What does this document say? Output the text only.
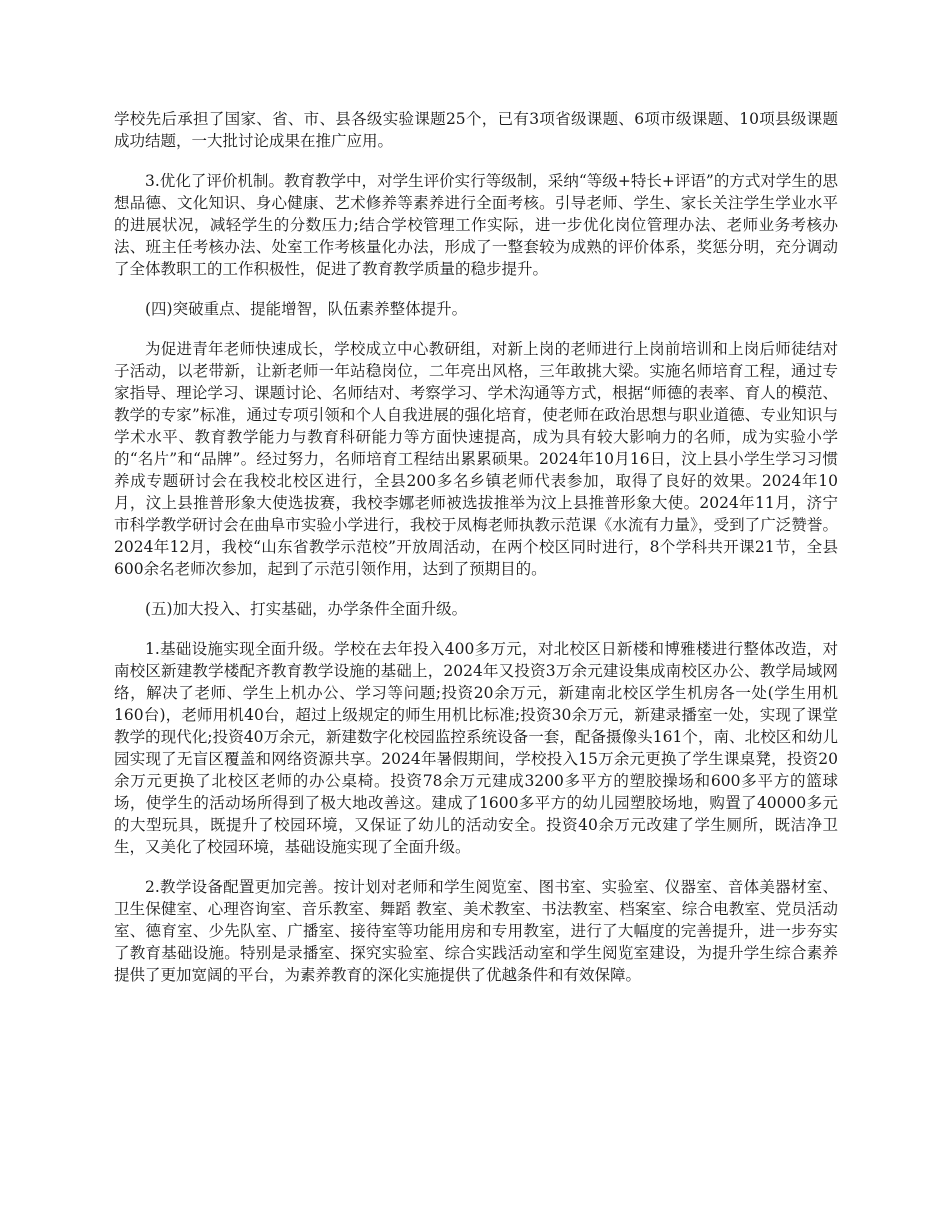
学校先后承担了国家、省、市、县各级实验课题25个，已有3项省级课题、6项市级课题、10项县级课题成功结题，一大批讨论成果在推广应用。

3.优化了评价机制。教育教学中，对学生评价实行等级制，采纳“等级+特长+评语”的方式对学生的思想品德、文化知识、身心健康、艺术修养等素养进行全面考核。引导老师、学生、家长关注学生学业水平的进展状况，减轻学生的分数压力;结合学校管理工作实际，进一步优化岗位管理办法、老师业务考核办法、班主任考核办法、处室工作考核量化办法，形成了一整套较为成熟的评价体系，奖惩分明，充分调动了全体教职工的工作积极性，促进了教育教学质量的稳步提升。

(四)突破重点、提能增智，队伍素养整体提升。

为促进青年老师快速成长，学校成立中心教研组，对新上岗的老师进行上岗前培训和上岗后师徒结对子活动，以老带新，让新老师一年站稳岗位，二年亮出风格，三年敢挑大梁。实施名师培育工程，通过专家指导、理论学习、课题讨论、名师结对、考察学习、学术沟通等方式，根据“师德的表率、育人的模范、教学的专家”标准，通过专项引领和个人自我进展的强化培育，使老师在政治思想与职业道德、专业知识与学术水平、教育教学能力与教育科研能力等方面快速提高，成为具有较大影响力的名师，成为实验小学的“名片”和“品牌”。经过努力，名师培育工程结出累累硕果。2024年10月16日，汶上县小学生学习习惯养成专题研讨会在我校北校区进行，全县200多名乡镇老师代表参加，取得了良好的效果。2024年10月，汶上县推普形象大使选拔赛，我校李娜老师被选拔推举为汶上县推普形象大使。2024年11月，济宁市科学教学研讨会在曲阜市实验小学进行，我校于凤梅老师执教示范课《水流有力量》，受到了广泛赞誉。2024年12月，我校“山东省教学示范校”开放周活动，在两个校区同时进行，8个学科共开课21节，全县600余名老师次参加，起到了示范引领作用，达到了预期目的。

(五)加大投入、打实基础，办学条件全面升级。

1.基础设施实现全面升级。学校在去年投入400多万元，对北校区日新楼和博雅楼进行整体改造，对南校区新建教学楼配齐教育教学设施的基础上，2024年又投资3万余元建设集成南校区办公、教学局域网络，解决了老师、学生上机办公、学习等问题;投资20余万元，新建南北校区学生机房各一处(学生用机160台)，老师用机40台，超过上级规定的师生用机比标准;投资30余万元，新建录播室一处，实现了课堂教学的现代化;投资40万余元，新建数字化校园监控系统设备一套，配备摄像头161个，南、北校区和幼儿园实现了无盲区覆盖和网络资源共享。2024年暑假期间，学校投入15万余元更换了学生课桌凳，投资20余万元更换了北校区老师的办公桌椅。投资78余万元建成3200多平方的塑胶操场和600多平方的篮球场，使学生的活动场所得到了极大地改善这。建成了1600多平方的幼儿园塑胶场地，购置了40000多元的大型玩具，既提升了校园环境，又保证了幼儿的活动安全。投资40余万元改建了学生厕所，既洁净卫生，又美化了校园环境，基础设施实现了全面升级。

2.教学设备配置更加完善。按计划对老师和学生阅览室、图书室、实验室、仪器室、音体美器材室、卫生保健室、心理咨询室、音乐教室、舞蹈 教室、美术教室、书法教室、档案室、综合电教室、党员活动室、德育室、少先队室、广播室、接待室等功能用房和专用教室，进行了大幅度的完善提升，进一步夯实了教育基础设施。特别是录播室、探究实验室、综合实践活动室和学生阅览室建设，为提升学生综合素养提供了更加宽阔的平台，为素养教育的深化实施提供了优越条件和有效保障。
